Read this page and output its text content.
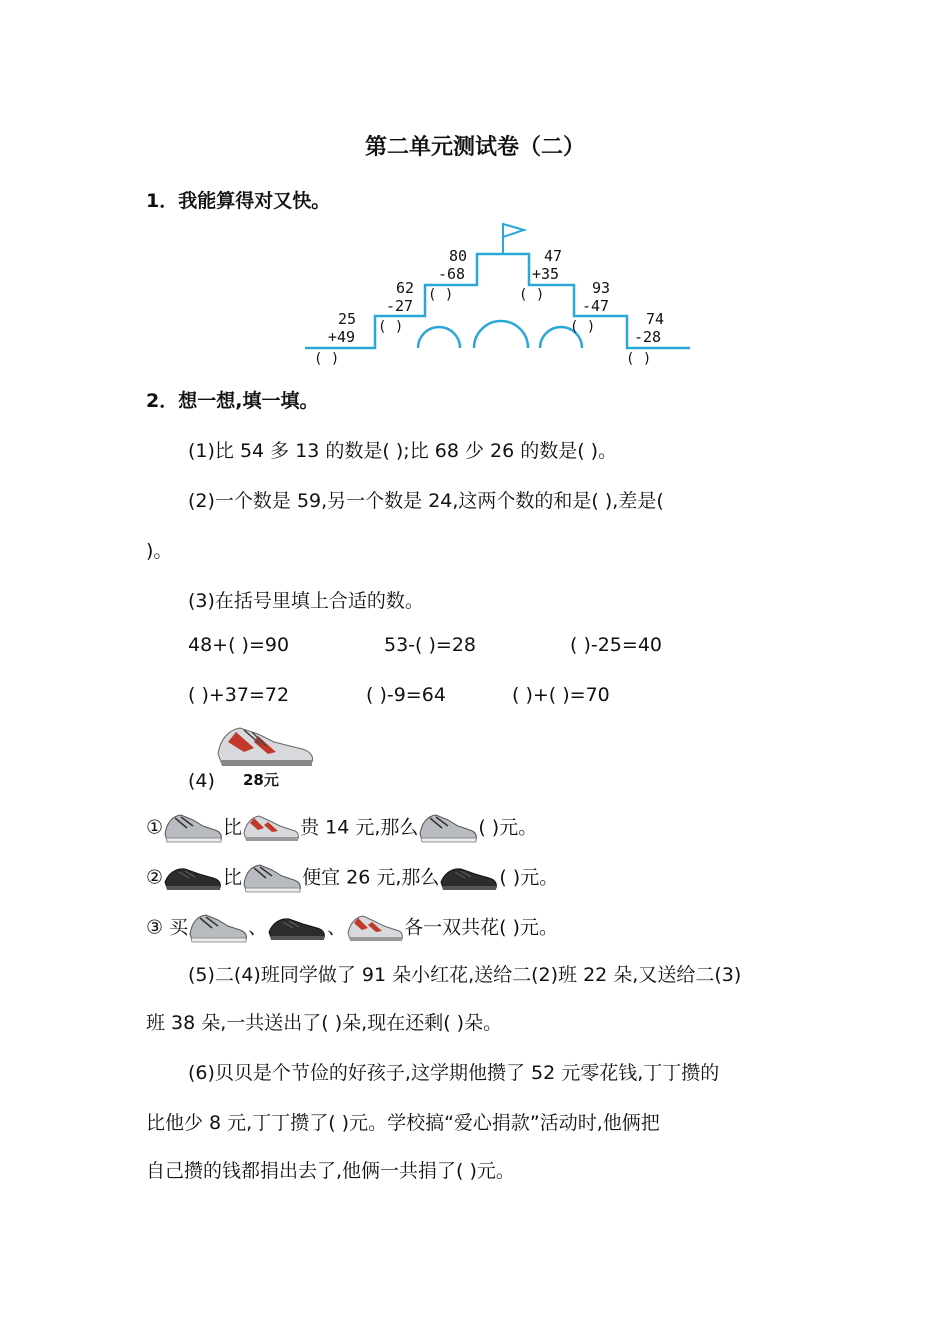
第二单元测试卷（二）
1．我能算得对又快。
25
+49
( )
62
-27
( )
80
-68
( )
47
+35
( )	93
-47
( )	74
-28
( )
2．想一想,填一填。
(1)比 54 多 13 的数是( );比 68 少 26 的数是( )。
(2)一个数是 59,另一个数是 24,这两个数的和是( ),差是(
)。
(3)在括号里填上合适的数。
48+( )=90	53-( )=28	( )-25=40
( )+37=72	( )-9=64	( )+( )=70
(4) 28元
①	比	贵 14 元,那么	( )元。
②	比	便宜 26 元,那么	( )元。
③ 买	、	、	各一双共花( )元。
(5)二(4)班同学做了 91 朵小红花,送给二(2)班 22 朵,又送给二(3)
班 38 朵,一共送出了( )朵,现在还剩( )朵。
(6)贝贝是个节俭的好孩子,这学期他攒了 52 元零花钱,丁丁攒的
比他少 8 元,丁丁攒了( )元。学校搞“爱心捐款”活动时,他俩把
自己攒的钱都捐出去了,他俩一共捐了( )元。
